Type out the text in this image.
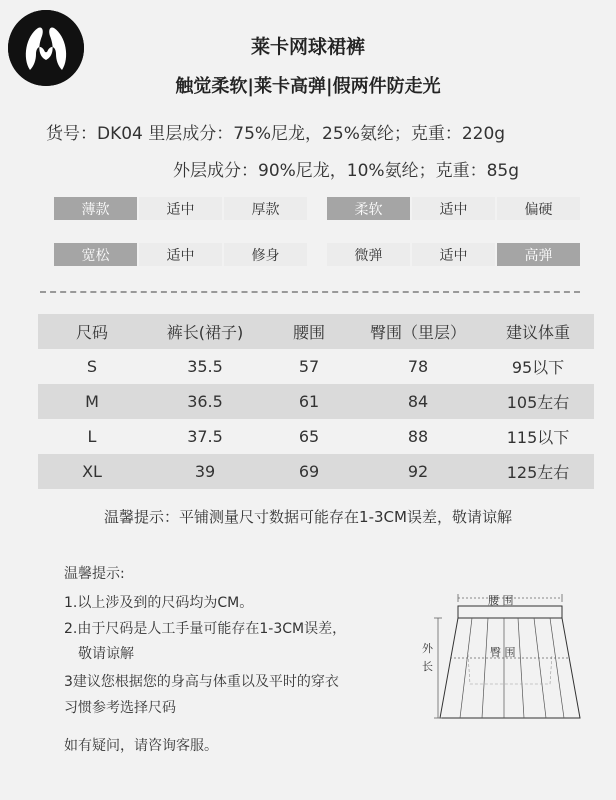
莱卡网球裙裤
触觉柔软|莱卡高弹|假两件防走光
货号：DK04 里层成分：75%尼龙，25%氨纶；克重：220g
外层成分：90%尼龙，10%氨纶；克重：85g
薄款	适中	厚款	柔软	适中	偏硬
宽松	适中	修身	微弹	适中	高弹
尺码	裤长(裙子)	腰围	臀围（里层）	建议体重
S	35.5	57	78	95以下
M	36.5	61	84	105左右
L	37.5	65	88	115以下
XL	39	69	92	125左右
温馨提示：平铺测量尺寸数据可能存在1-3CM误差，敬请谅解
温馨提示:
1.以上涉及到的尺码均为CM。
2.由于尺码是人工手量可能存在1-3CM误差，
敬请谅解
3建议您根据您的身高与体重以及平时的穿衣
习惯参考选择尺码
如有疑问，请咨询客服。
腰 围
臀 围
外
长
